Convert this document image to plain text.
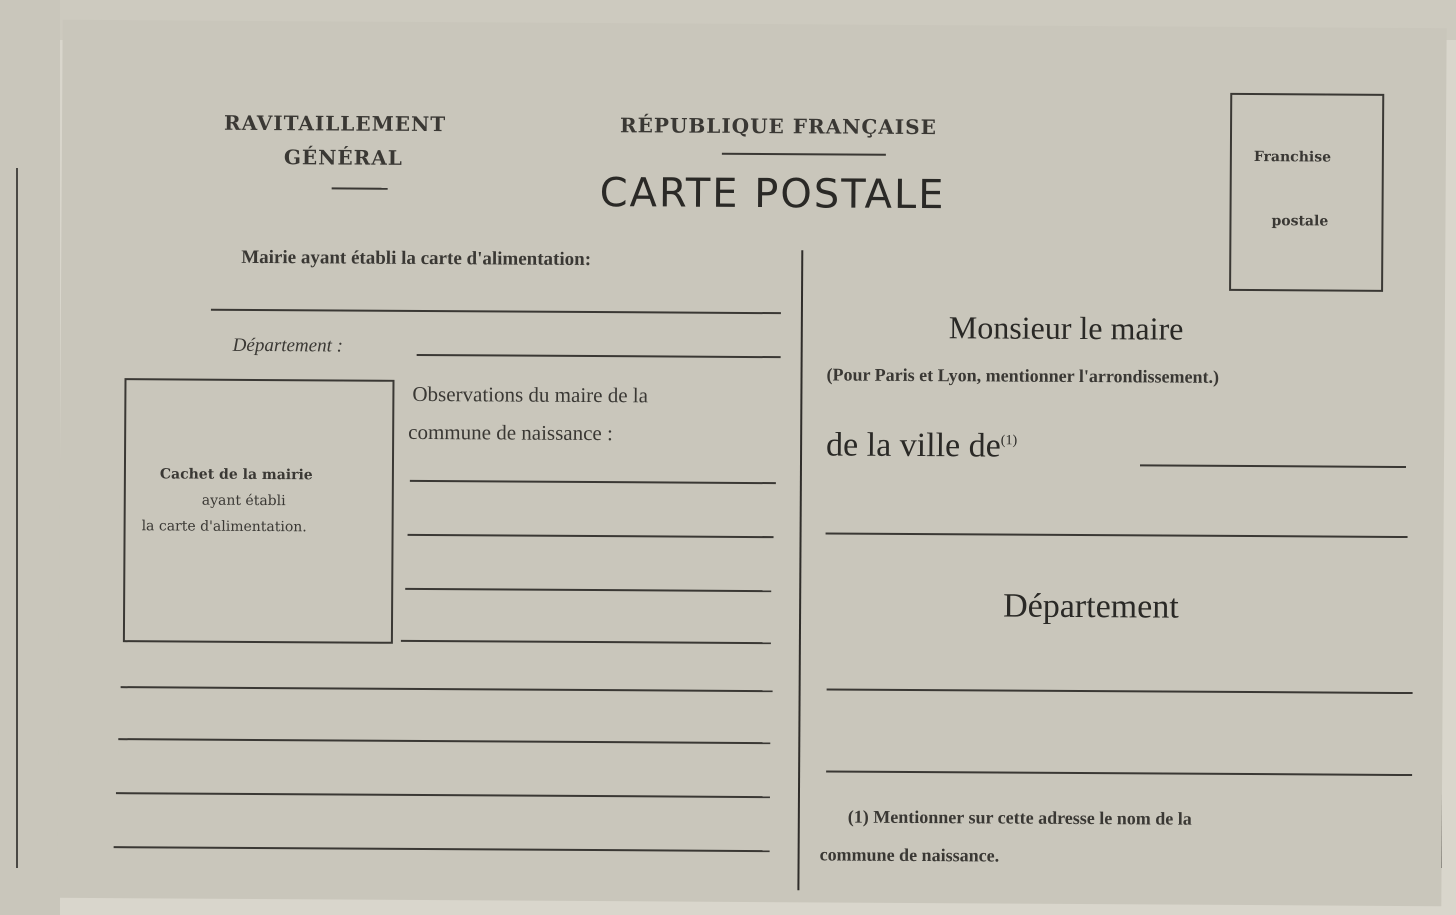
RAVITAILLEMENT
GÉNÉRAL
RÉPUBLIQUE FRANÇAISE
CARTE POSTALE
Franchise
postale
Mairie ayant établi la carte d'alimentation:
Département :
Cachet de la mairie
ayant établi
la carte d'alimentation.
Observations du maire de la
commune de naissance :
Monsieur le maire
(Pour Paris et Lyon, mentionner l'arrondissement.)
de la ville $de^{(1)}$
Département
(1) Mentionner sur cette adresse le nom de la
commune de naissance.
